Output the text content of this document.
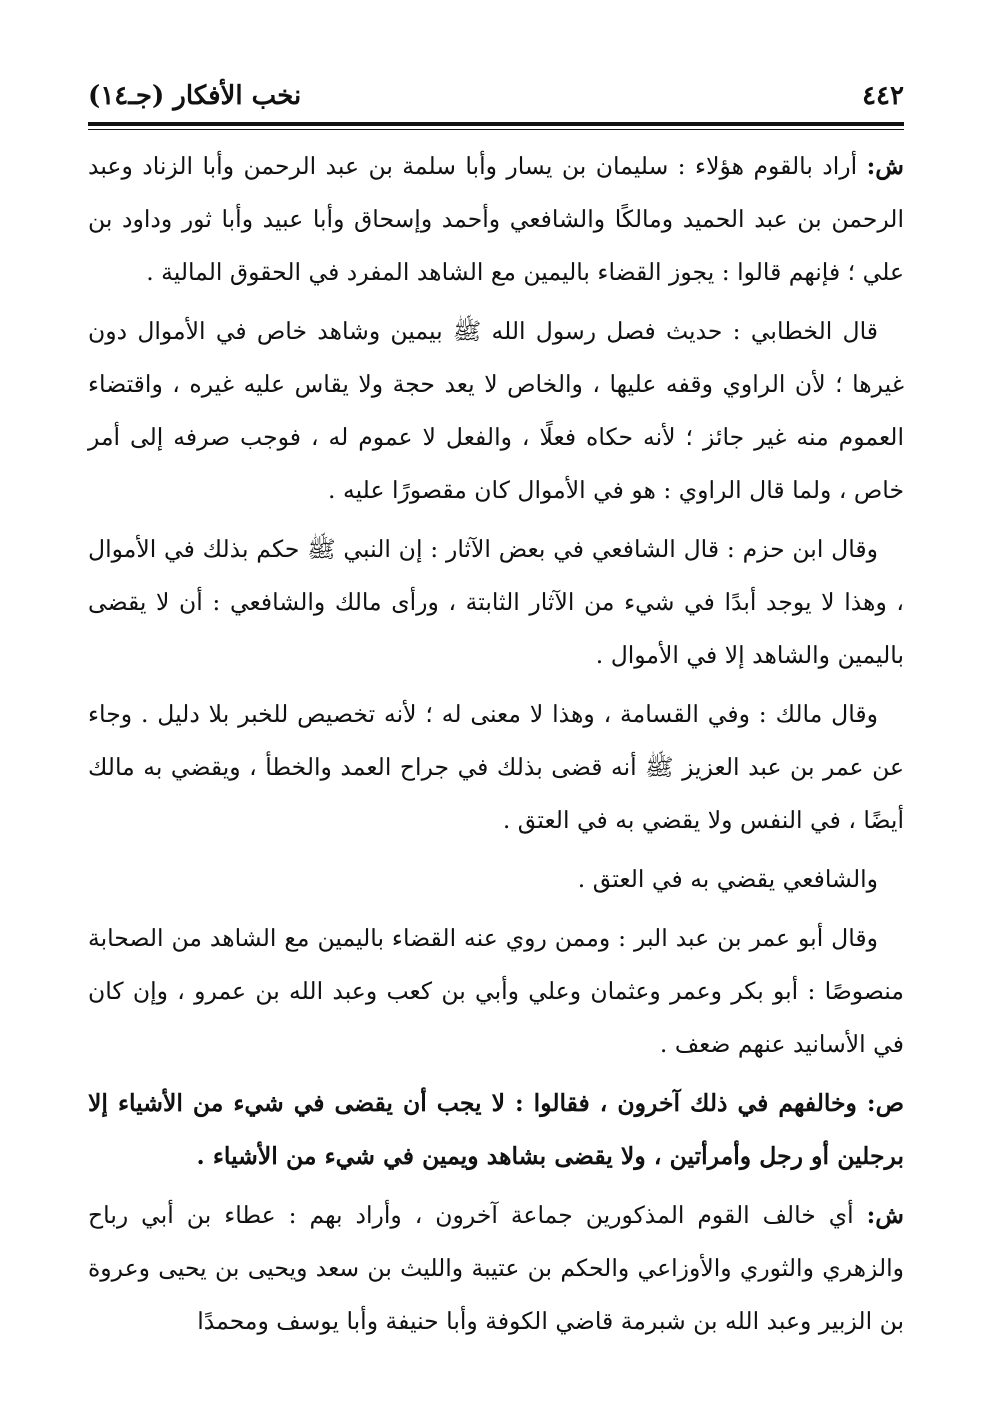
٤٤٢
نخب الأفكار (جـ١٤)

ش: أراد بالقوم هؤلاء : سليمان بن يسار وأبا سلمة بن عبد الرحمن وأبا الزناد وعبد الرحمن بن عبد الحميد ومالكًا والشافعي وأحمد وإسحاق وأبا عبيد وأبا ثور وداود بن علي ؛ فإنهم قالوا : يجوز القضاء باليمين مع الشاهد المفرد في الحقوق المالية .

قال الخطابي : حديث فصل رسول الله ﷺ بيمين وشاهد خاص في الأموال دون غيرها ؛ لأن الراوي وقفه عليها ، والخاص لا يعد حجة ولا يقاس عليه غيره ، واقتضاء العموم منه غير جائز ؛ لأنه حكاه فعلًا ، والفعل لا عموم له ، فوجب صرفه إلى أمر خاص ، ولما قال الراوي : هو في الأموال كان مقصورًا عليه .

وقال ابن حزم : قال الشافعي في بعض الآثار : إن النبي ﷺ حكم بذلك في الأموال ، وهذا لا يوجد أبدًا في شيء من الآثار الثابتة ، ورأى مالك والشافعي : أن لا يقضى باليمين والشاهد إلا في الأموال .

وقال مالك : وفي القسامة ، وهذا لا معنى له ؛ لأنه تخصيص للخبر بلا دليل . وجاء عن عمر بن عبد العزيز ﷺ أنه قضى بذلك في جراح العمد والخطأ ، ويقضي به مالك أيضًا ، في النفس ولا يقضي به في العتق .

والشافعي يقضي به في العتق .

وقال أبو عمر بن عبد البر : وممن روي عنه القضاء باليمين مع الشاهد من الصحابة منصوصًا : أبو بكر وعمر وعثمان وعلي وأبي بن كعب وعبد الله بن عمرو ، وإن كان في الأسانيد عنهم ضعف .

ص: وخالفهم في ذلك آخرون ، فقالوا : لا يجب أن يقضى في شيء من الأشياء إلا برجلين أو رجل وأمرأتين ، ولا يقضى بشاهد ويمين في شيء من الأشياء .

ش: أي خالف القوم المذكورين جماعة آخرون ، وأراد بهم : عطاء بن أبي رباح والزهري والثوري والأوزاعي والحكم بن عتيبة والليث بن سعد ويحيى بن يحيى وعروة بن الزبير وعبد الله بن شبرمة قاضي الكوفة وأبا حنيفة وأبا يوسف ومحمدًا
